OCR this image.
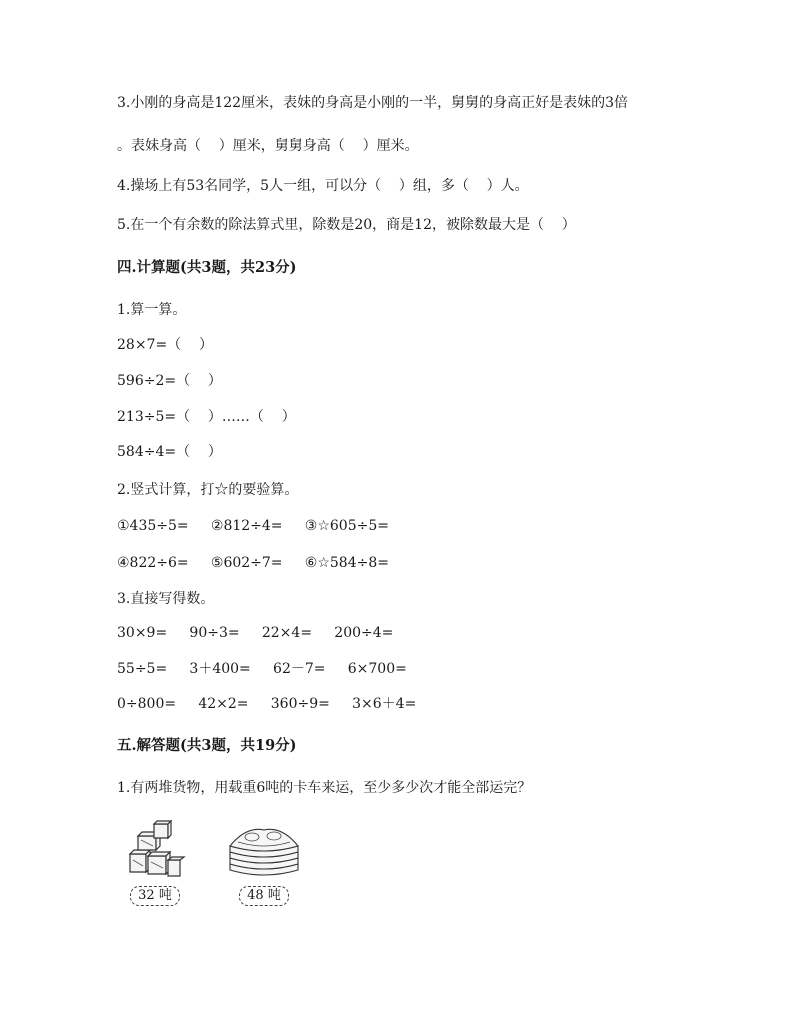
3.小刚的身高是122厘米，表妹的身高是小刚的一半，舅舅的身高正好是表妹的3倍
。表妹身高（    ）厘米，舅舅身高（    ）厘米。
4.操场上有53名同学，5人一组，可以分（    ）组，多（    ）人。
5.在一个有余数的除法算式里，除数是20，商是12，被除数最大是（    ）
四.计算题(共3题，共23分)
1.算一算。
28×7=（    ）
596÷2=（    ）
213÷5=（    ）……（    ）
584÷4=（    ）
2.竖式计算，打☆的要验算。
①435÷5=     ②812÷4=     ③☆605÷5=
④822÷6=     ⑤602÷7=     ⑥☆584÷8=
3.直接写得数。
30×9=     90÷3=     22×4=     200÷4=
55÷5=     3＋400=     62－7=     6×700=
0÷800=     42×2=     360÷9=     3×6＋4=
五.解答题(共3题，共19分)
1.有两堆货物，用载重6吨的卡车来运，至少多少次才能全部运完？
32 吨	48 吨
